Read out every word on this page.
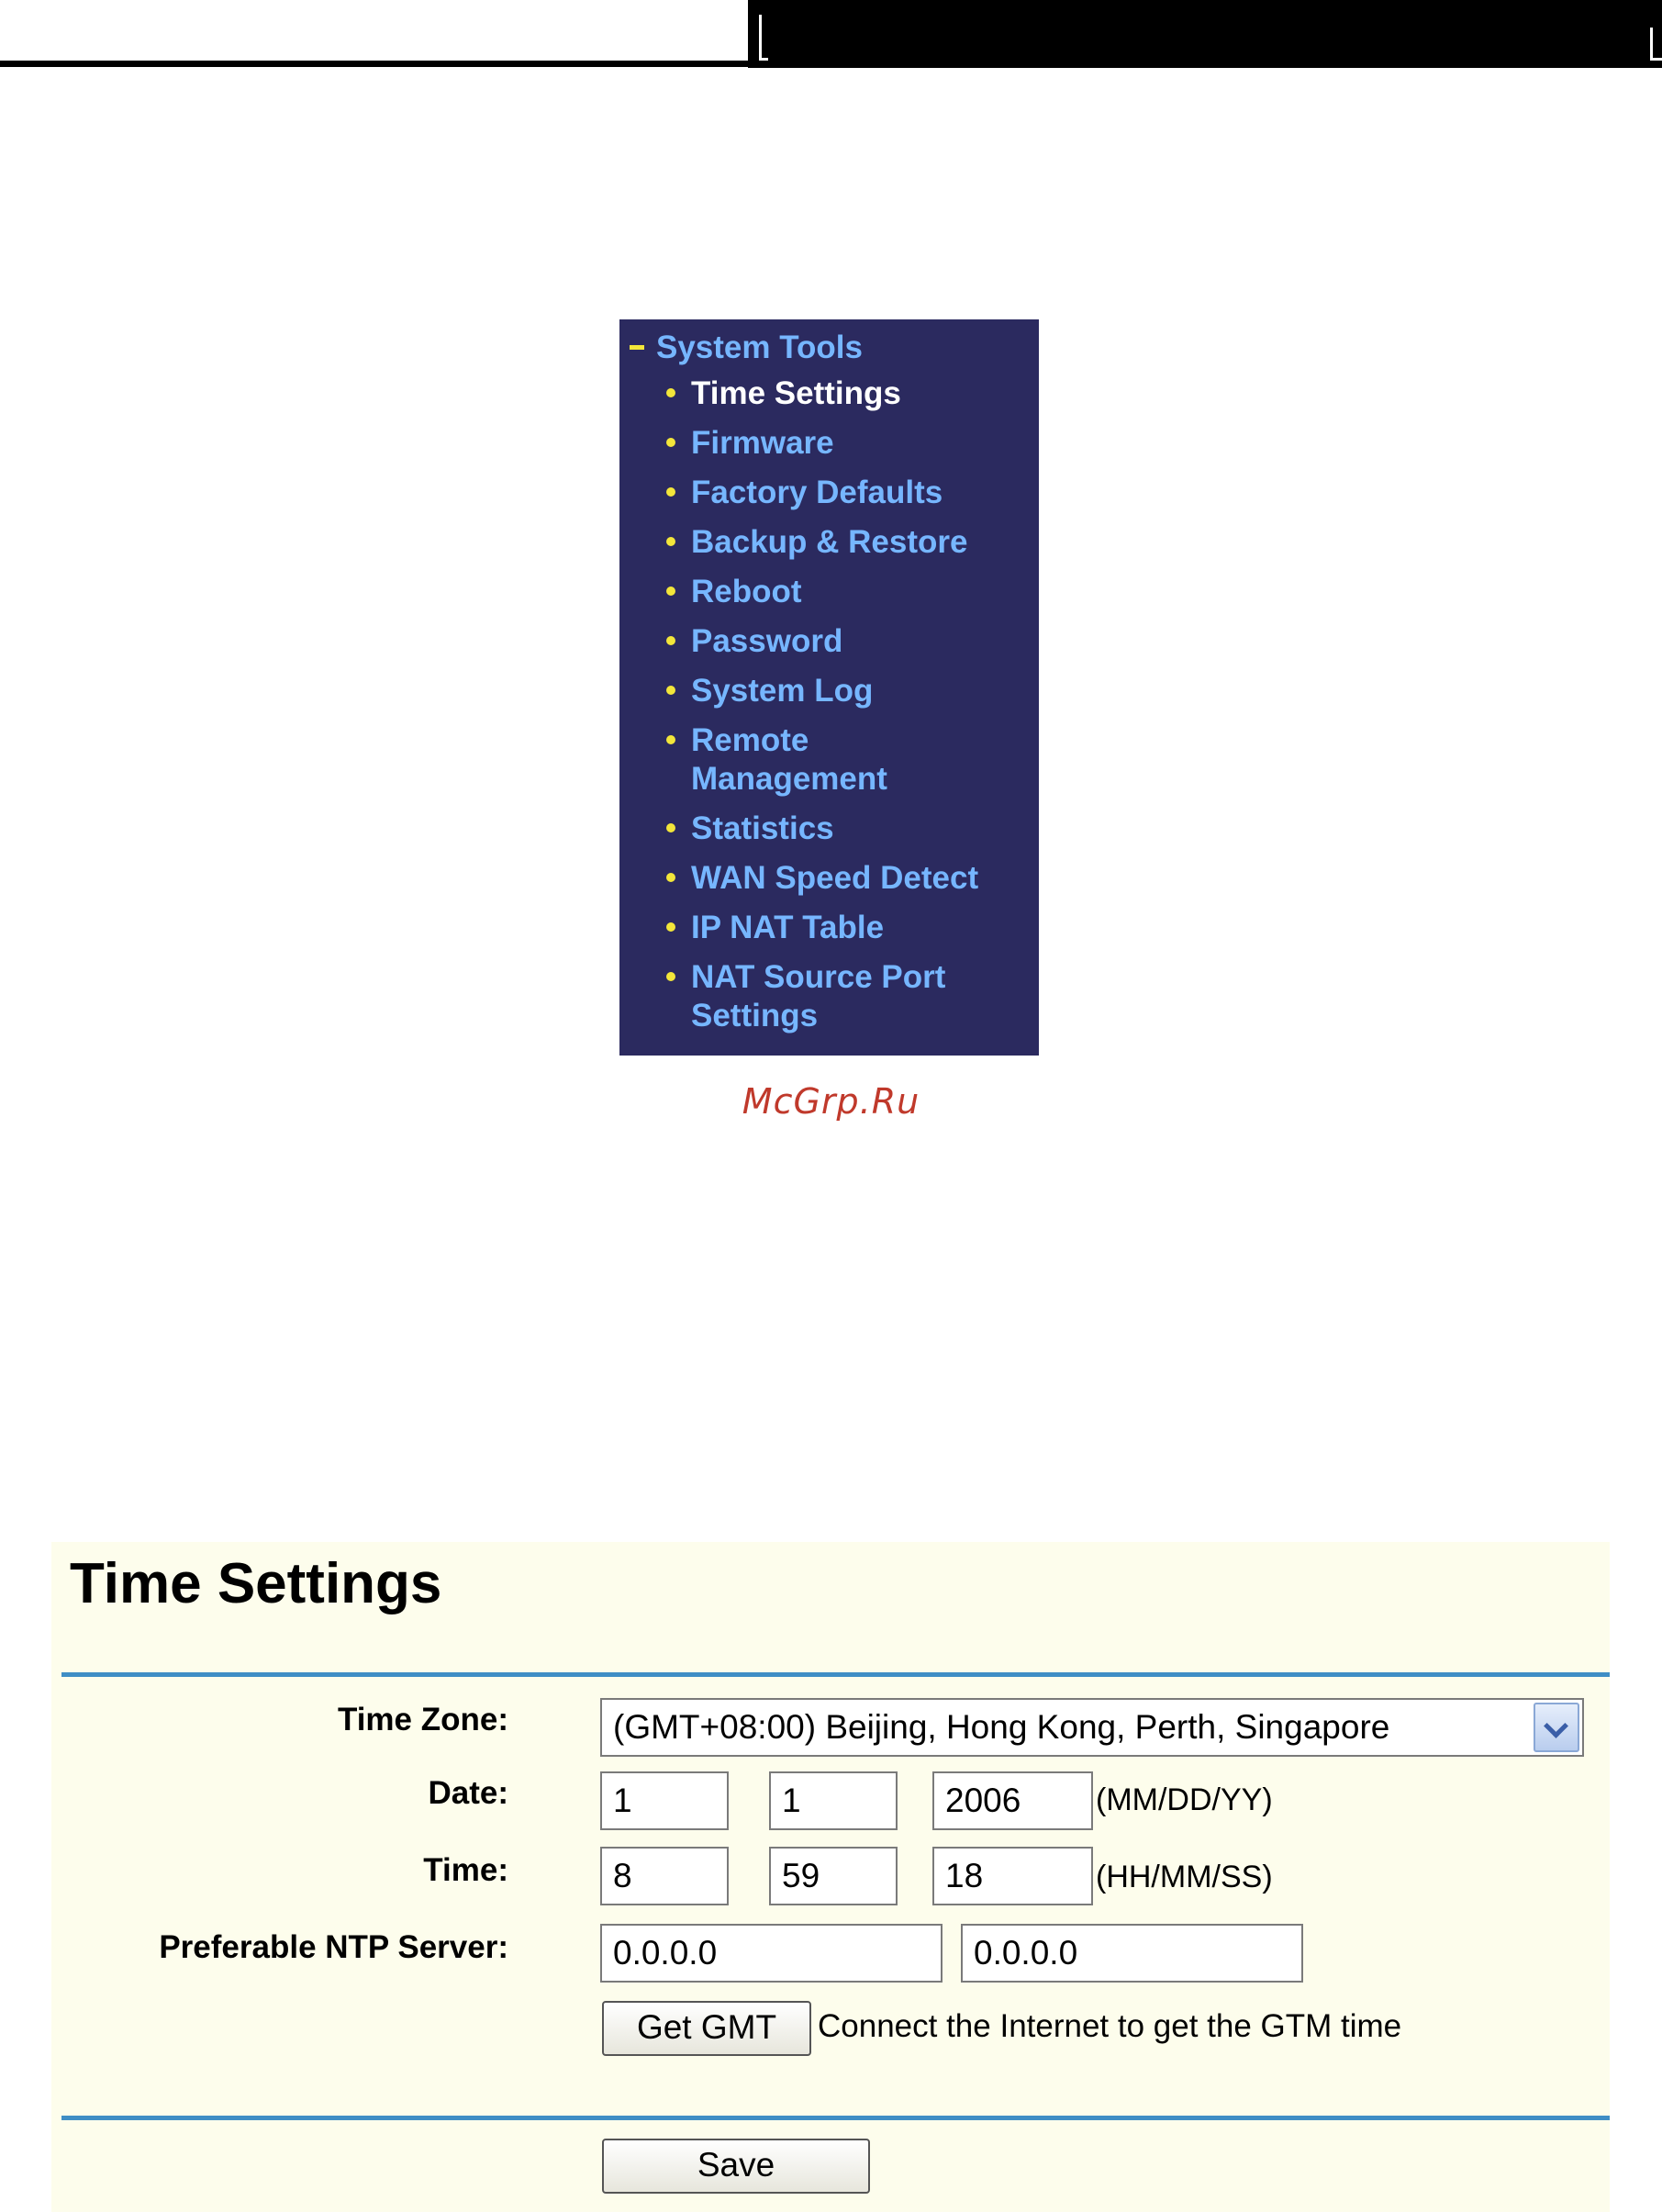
System Tools
Time Settings
Firmware
Factory Defaults
Backup & Restore
Reboot
Password
System Log
Remote Management
Statistics
WAN Speed Detect
IP NAT Table
NAT Source Port Settings
McGrp.Ru
Time Settings
Time Zone:	(GMT+08:00) Beijing, Hong Kong, Perth, Singapore
Date:	1	1	2006	(MM/DD/YY)
Time:	8	59	18	(HH/MM/SS)
Preferable NTP Server:	0.0.0.0	0.0.0.0
Get GMT	Connect the Internet to get the GTM time
Save
